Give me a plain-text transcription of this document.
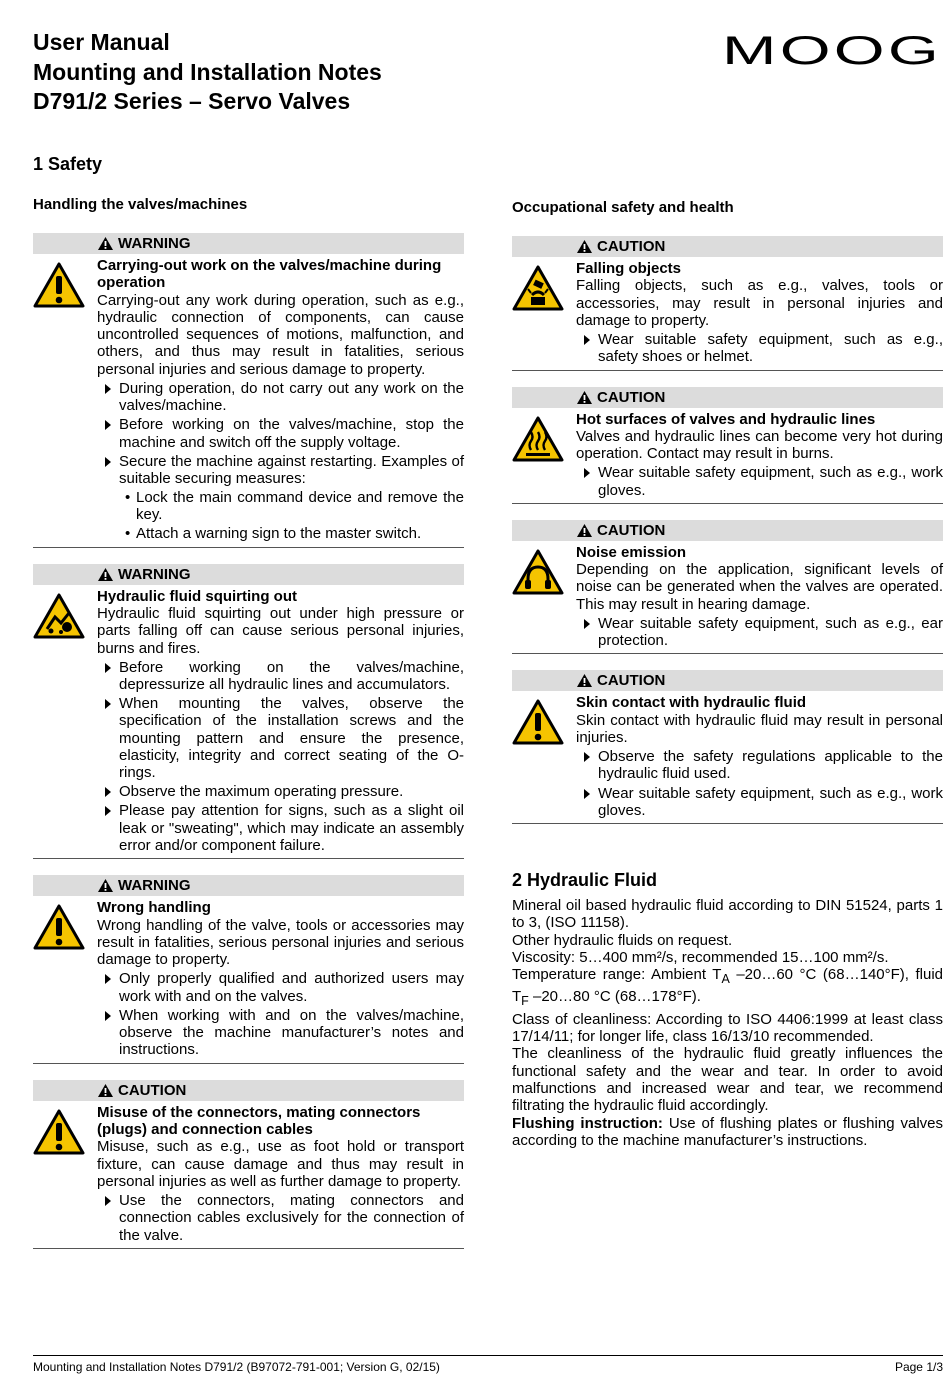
User Manual
Mounting and Installation Notes
D791/2 Series – Servo Valves
MOOG
1 Safety
Handling the valves/machines	Occupational safety and health
WARNING
Carrying-out work on the valves/machine during operation
Carrying-out any work during operation, such as e.g., hydraulic connection of components, can cause uncontrolled sequences of motions, malfunction, and others, and thus may result in fatalities, serious personal injuries and serious damage to property.
During operation, do not carry out any work on the valves/machine.
Before working on the valves/machine, stop the machine and switch off the supply voltage.
Secure the machine against restarting. Examples of suitable securing measures:
• Lock the main command device and remove the key.
• Attach a warning sign to the master switch.
WARNING
Hydraulic fluid squirting out
Hydraulic fluid squirting out under high pressure or parts falling off can cause serious personal injuries, burns and fires.
Before working on the valves/machine, depressurize all hydraulic lines and accumulators.
When mounting the valves, observe the specification of the installation screws and the mounting pattern and ensure the presence, elasticity, integrity and correct seating of the O-rings.
Observe the maximum operating pressure.
Please pay attention for signs, such as a slight oil leak or "sweating", which may indicate an assembly error and/or component failure.
WARNING
Wrong handling
Wrong handling of the valve, tools or accessories may result in fatalities, serious personal injuries and serious damage to property.
Only properly qualified and authorized users may work with and on the valves.
When working with and on the valves/machine, observe the machine manufacturer’s notes and instructions.
CAUTION
Misuse of the connectors, mating connectors (plugs) and connection cables
Misuse, such as e.g., use as foot hold or transport fixture, can cause damage and thus may result in personal injuries as well as further damage to property.
Use the connectors, mating connectors and connection cables exclusively for the connection of the valve.
CAUTION
Falling objects
Falling objects, such as e.g., valves, tools or accessories, may result in personal injuries and damage to property.
Wear suitable safety equipment, such as e.g., safety shoes or helmet.
CAUTION
Hot surfaces of valves and hydraulic lines
Valves and hydraulic lines can become very hot during operation. Contact may result in burns.
Wear suitable safety equipment, such as e.g., work gloves.
CAUTION
Noise emission
Depending on the application, significant levels of noise can be generated when the valves are operated. This may result in hearing damage.
Wear suitable safety equipment, such as e.g., ear protection.
CAUTION
Skin contact with hydraulic fluid
Skin contact with hydraulic fluid may result in personal injuries.
Observe the safety regulations applicable to the hydraulic fluid used.
Wear suitable safety equipment, such as e.g., work gloves.
2 Hydraulic Fluid

Mineral oil based hydraulic fluid according to DIN 51524, parts 1 to 3, (ISO 11158).

Other hydraulic fluids on request.

Viscosity: 5…400 mm²/s, recommended 15…100 mm²/s.

Temperature range: Ambient $T_A$ –20…60 °C (68…140°F), fluid $T_F$ –20…80 °C (68…178°F).

Class of cleanliness: According to ISO 4406:1999 at least class 17/14/11; for longer life, class 16/13/10 recommended.

The cleanliness of the hydraulic fluid greatly influences the functional safety and the wear and tear. In order to avoid malfunctions and increased wear and tear, we recommend filtrating the hydraulic fluid accordingly.

Flushing instruction: Use of flushing plates or flushing valves according to the machine manufacturer’s instructions.

Mounting and Installation Notes D791/2 (B97072-791-001; Version G, 02/15)	Page 1/3
